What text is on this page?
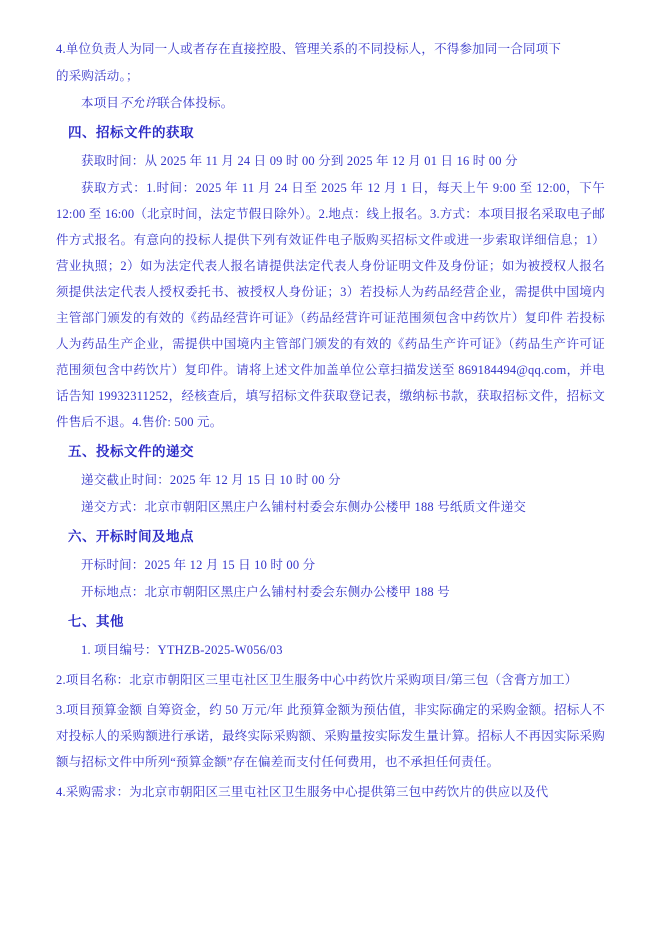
4.单位负责人为同一人或者存在直接控股、管理关系的不同投标人，不得参加同一合同项下

的采购活动。；

本项目不允许联合体投标。

四、招标文件的获取

获取时间：从 2025 年 11 月 24 日 09 时 00 分到 2025 年 12 月 01 日 16 时 00 分

获取方式：1.时间：2025 年 11 月 24 日至 2025 年 12 月 1 日，每天上午 9:00 至 12:00，下午 12:00 至 16:00（北京时间，法定节假日除外）。2.地点：线上报名。3.方式：本项目报名采取电子邮件方式报名。有意向的投标人提供下列有效证件电子版购买招标文件或进一步索取详细信息；1）营业执照；2）如为法定代表人报名请提供法定代表人身份证明文件及身份证；如为被授权人报名须提供法定代表人授权委托书、被授权人身份证；3）若投标人为药品经营企业，需提供中国境内主管部门颁发的有效的《药品经营许可证》（药品经营许可证范围须包含中药饮片）复印件 若投标人为药品生产企业，需提供中国境内主管部门颁发的有效的《药品生产许可证》（药品生产许可证范围须包含中药饮片）复印件。请将上述文件加盖单位公章扫描发送至 869184494@qq.com，并电话告知 19932311252，经核查后，填写招标文件获取登记表，缴纳标书款，获取招标文件，招标文件售后不退。4.售价: 500 元。

五、投标文件的递交

递交截止时间：2025 年 12 月 15 日 10 时 00 分

递交方式：北京市朝阳区黑庄户么铺村村委会东侧办公楼甲 188 号纸质文件递交

六、开标时间及地点

开标时间：2025 年 12 月 15 日 10 时 00 分

开标地点：北京市朝阳区黑庄户么铺村村委会东侧办公楼甲 188 号

七、其他

1. 项目编号：YTHZB-2025-W056/03

2.项目名称：北京市朝阳区三里屯社区卫生服务中心中药饮片采购项目/第三包（含膏方加工）

3.项目预算金额 自筹资金，约 50 万元/年 此预算金额为预估值，非实际确定的采购金额。招标人不对投标人的采购额进行承诺，最终实际采购额、采购量按实际发生量计算。招标人不再因实际采购额与招标文件中所列“预算金额”存在偏差而支付任何费用，也不承担任何责任。

4.采购需求：为北京市朝阳区三里屯社区卫生服务中心提供第三包中药饮片的供应以及代
